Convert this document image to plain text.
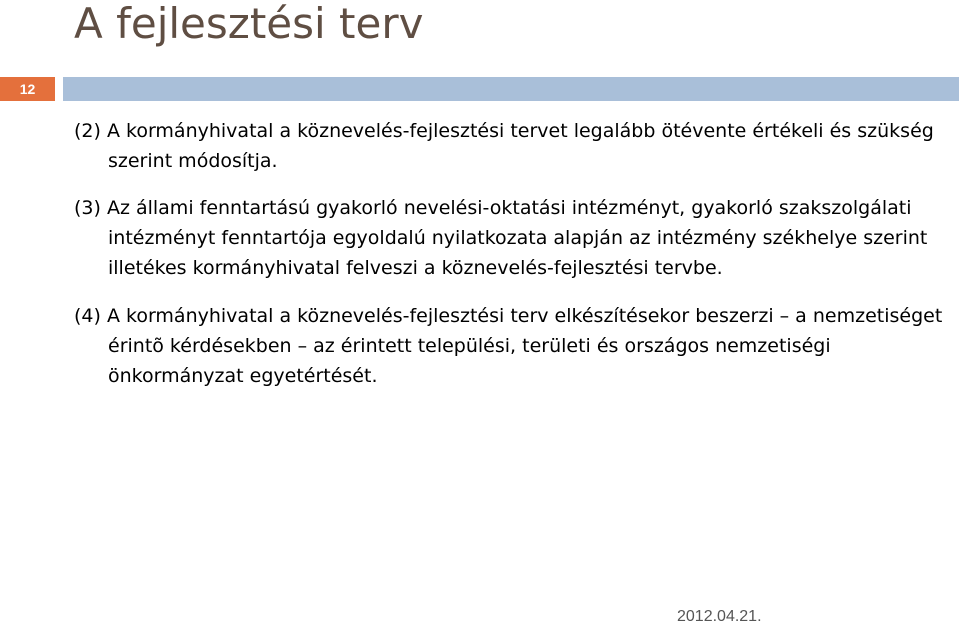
A fejlesztési terv
12

(2) A kormányhivatal a köznevelés-fejlesztési tervet legalább ötévente értékeli és szükség szerint módosítja.

(3) Az állami fenntartású gyakorló nevelési-oktatási intézményt, gyakorló szakszolgálati intézményt fenntartója egyoldalú nyilatkozata alapján az intézmény székhelye szerint illetékes kormányhivatal felveszi a köznevelés-fejlesztési tervbe.

(4) A kormányhivatal a köznevelés-fejlesztési terv elkészítésekor beszerzi – a nemzetiséget érintõ kérdésekben – az érintett települési, területi és országos nemzetiségi önkormányzat egyetértését.

2012.04.21.
